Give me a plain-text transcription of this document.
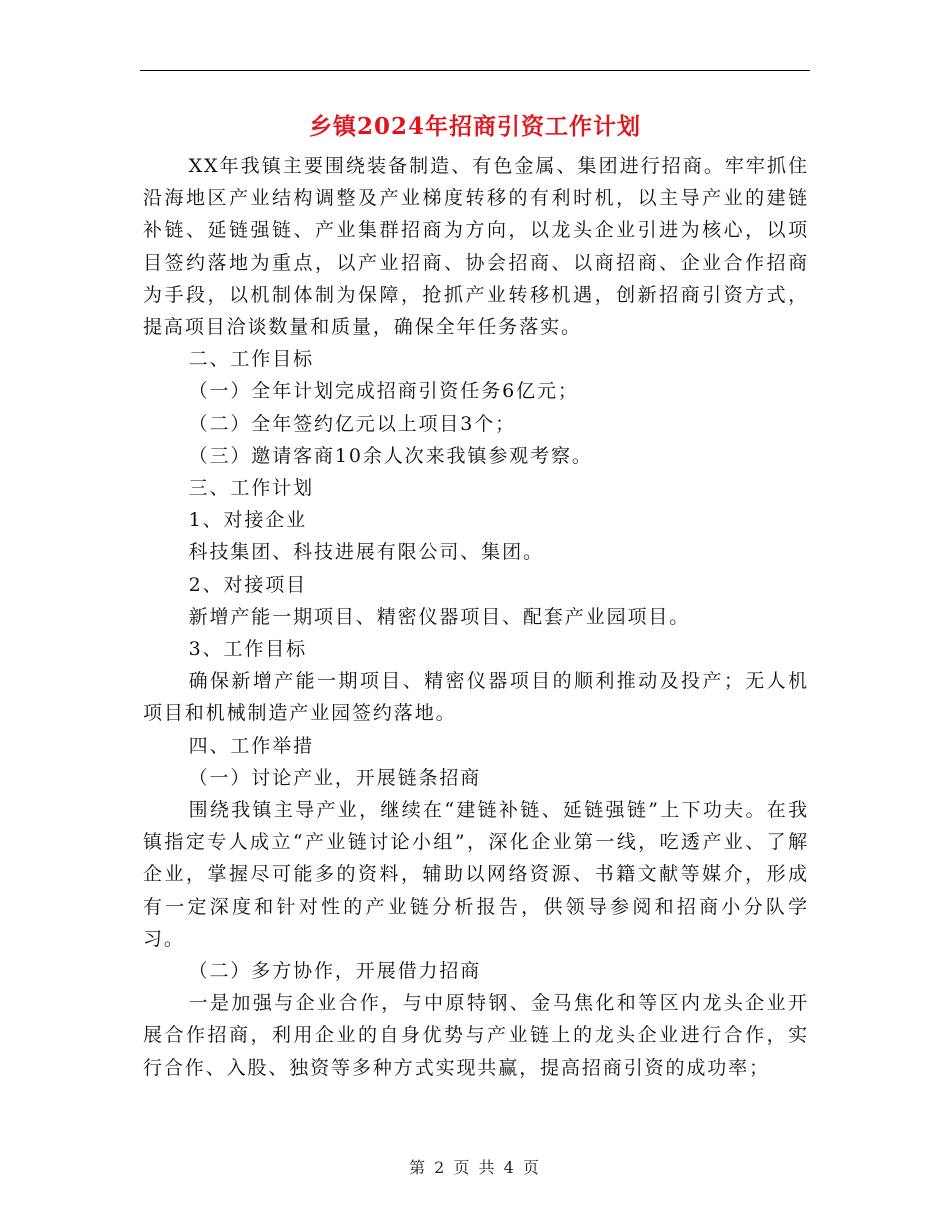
乡镇2024年招商引资工作计划

XX年我镇主要围绕装备制造、有色金属、集团进行招商。牢牢抓住沿海地区产业结构调整及产业梯度转移的有利时机，以主导产业的建链补链、延链强链、产业集群招商为方向，以龙头企业引进为核心，以项目签约落地为重点，以产业招商、协会招商、以商招商、企业合作招商为手段，以机制体制为保障，抢抓产业转移机遇，创新招商引资方式，提高项目洽谈数量和质量，确保全年任务落实。

二、工作目标

（一）全年计划完成招商引资任务6亿元；

（二）全年签约亿元以上项目3个；

（三）邀请客商10余人次来我镇参观考察。

三、工作计划

1、对接企业

科技集团、科技进展有限公司、集团。

2、对接项目

新增产能一期项目、精密仪器项目、配套产业园项目。

3、工作目标

确保新增产能一期项目、精密仪器项目的顺利推动及投产；无人机项目和机械制造产业园签约落地。

四、工作举措

（一）讨论产业，开展链条招商

围绕我镇主导产业，继续在“建链补链、延链强链”上下功夫。在我镇指定专人成立“产业链讨论小组”，深化企业第一线，吃透产业、了解企业，掌握尽可能多的资料，辅助以网络资源、书籍文献等媒介，形成有一定深度和针对性的产业链分析报告，供领导参阅和招商小分队学习。

（二）多方协作，开展借力招商

一是加强与企业合作，与中原特钢、金马焦化和等区内龙头企业开展合作招商，利用企业的自身优势与产业链上的龙头企业进行合作，实行合作、入股、独资等多种方式实现共赢，提高招商引资的成功率；

第 2 页 共 4 页
